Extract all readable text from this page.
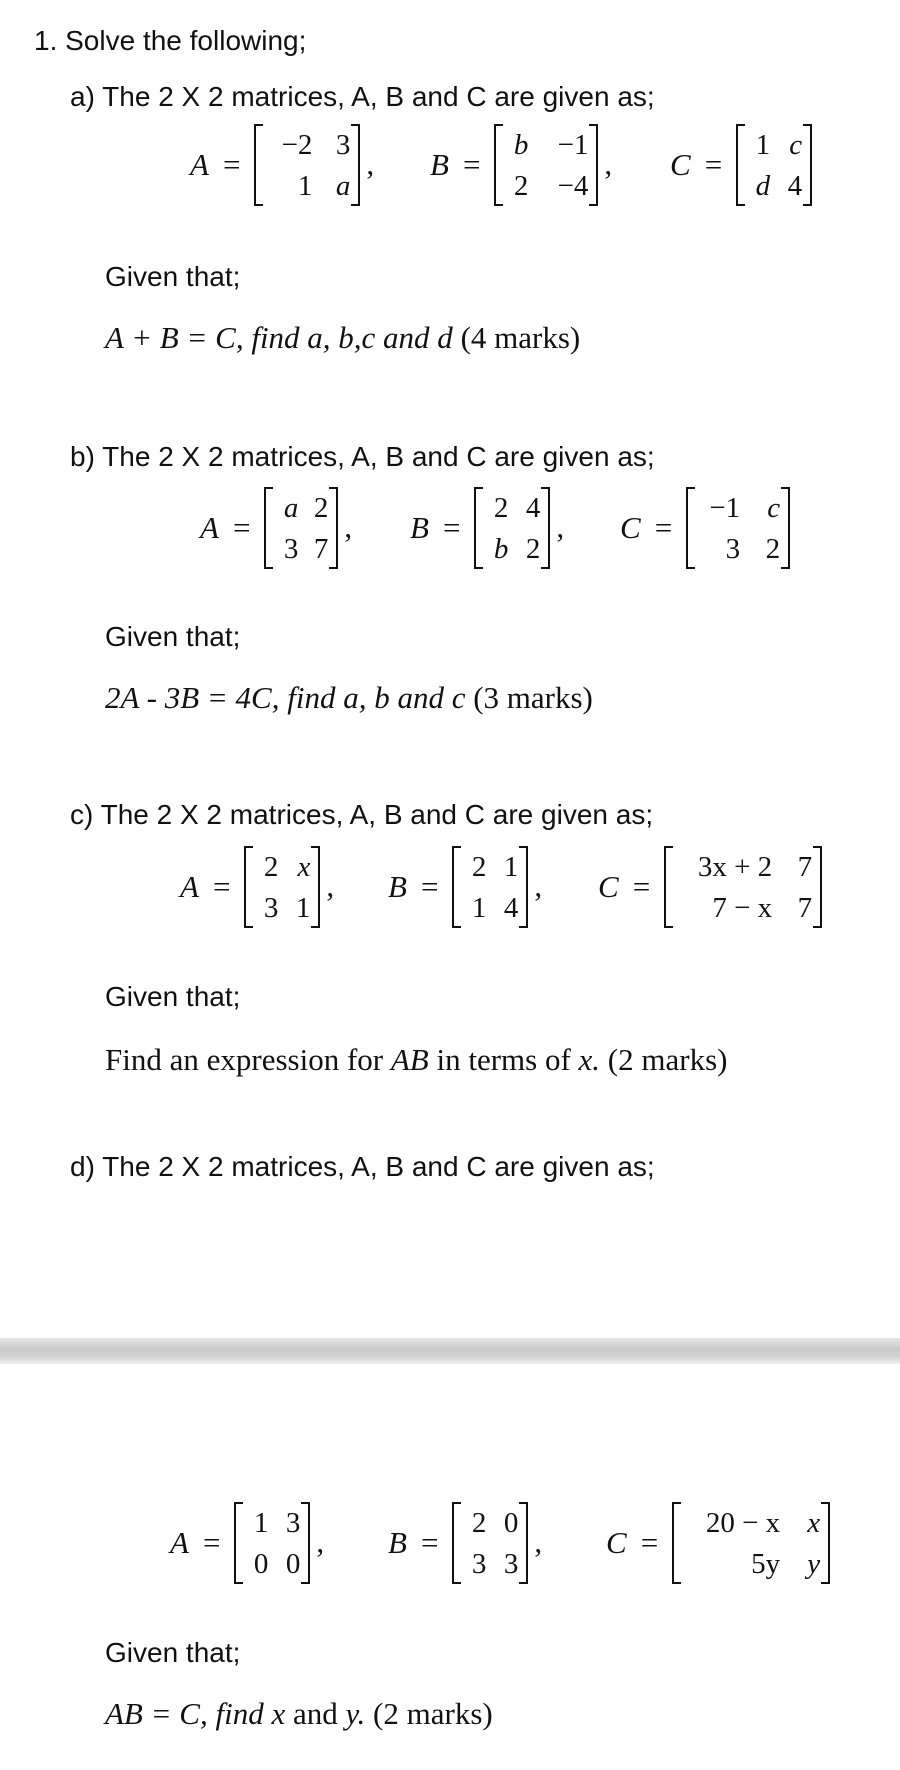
1. Solve the following;
a) The 2 X 2 matrices, A, B and C are given as;
A =
−2 3
1 a
, B =
b	−1
2	−4
, C =
1 c
d 4
Given that;
A + B = C, find a, b,c and d (4 marks)
b) The 2 X 2 matrices, A, B and C are given as;
A =
a 2
3 7
, B =
2 4
b 2
, C =
−1 c
3 2
Given that;
2A - 3B = 4C, find a, b and c (3 marks)
c) The 2 X 2 matrices, A, B and C are given as;
A =
2 x
3 1
, B =
2 1
1 4
, C =
3x + 2 7
7 − x 7
Given that;
Find an expression for AB in terms of x. (2 marks)
d) The 2 X 2 matrices, A, B and C are given as;
A =
1 3
0 0
, B =
2 0
3 3
, C =
20 − x x
5y y
Given that;
AB = C, find x and y. (2 marks)
